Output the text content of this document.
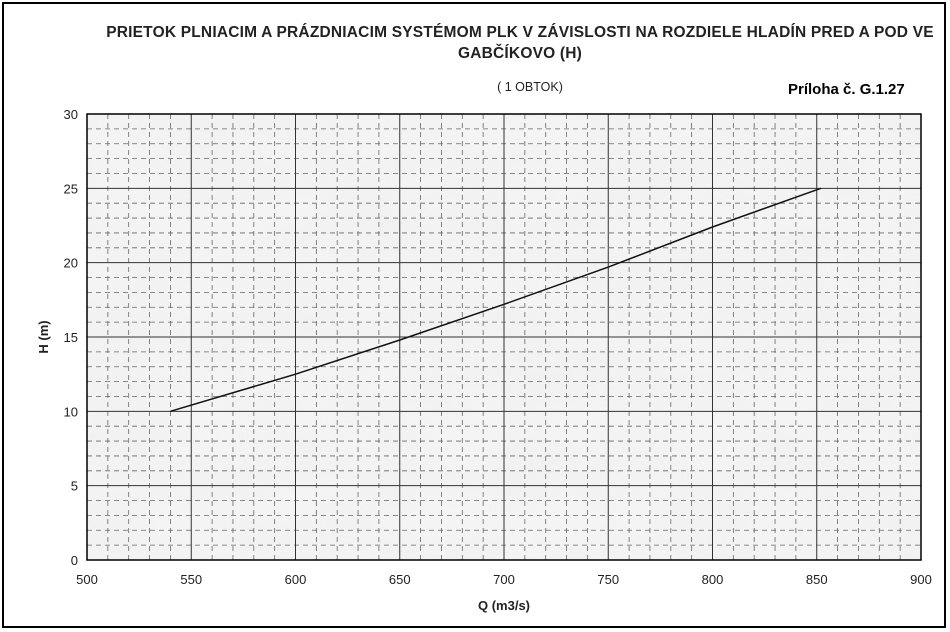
PRIETOK PLNIACIM A PRÁZDNIACIM SYSTÉMOM PLK V ZÁVISLOSTI NA ROZDIELE HLADÍN PRED A POD VE GABČÍKOVO (H)
( 1 OBTOK)	Príloha č. G.1.27
500	550	600	650	700	750	800	850	900
0
5
10
15
20
25
30
Q (m3/s)
H (m)
